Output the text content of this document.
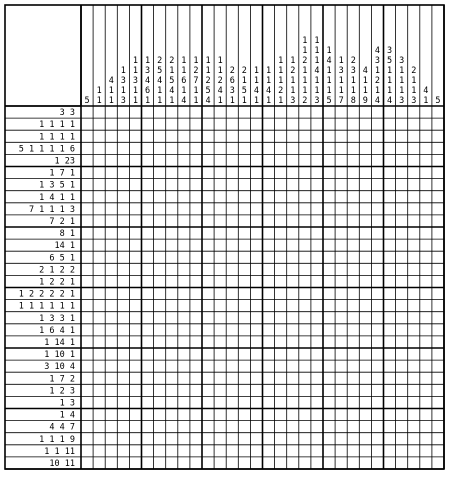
5
1
1
4
1
1
1
3
1
3
1
1
3
1
1
1
3
4
6
1
2
5
4
1
1
2
1
5
4
1
1
1
6
1
4
1
2
7
1
1
1
1
2
5
4
1
1
2
4
1
2
6
3
1
2
1
5
1
1
1
4
1
1
1
4
1
1
1
1
2
1
1
2
1
1
3
1
1
2
1
1
1
2
1
1
1
4
1
1
3
1
4
1
1
1
5
1
3
1
1
7
2
3
1
1
8
4
1
1
9
4
3
1
2
1
4
3
5
1
1
1
4
3
1
1
1
3
2
1
1
3
4
1 5
3 3
1 1 1 1
1 1 1 1
5 1 1 1 1 6
1 23
1 7 1
1 3 5 1
1 4 1 1
7 1 1 1 3
7 2 1
8 1
14 1
6 5 1
2 1 2 2
1 2 2 1
1 2 2 2 2 1
1 1 1 1 1 1
1 3 3 1
1 6 4 1
1 14 1
1 10 1
3 10 4
1 7 2
1 2 3
1 3
1 4
4 4 7
1 1 1 9
1 1 11
10 11
